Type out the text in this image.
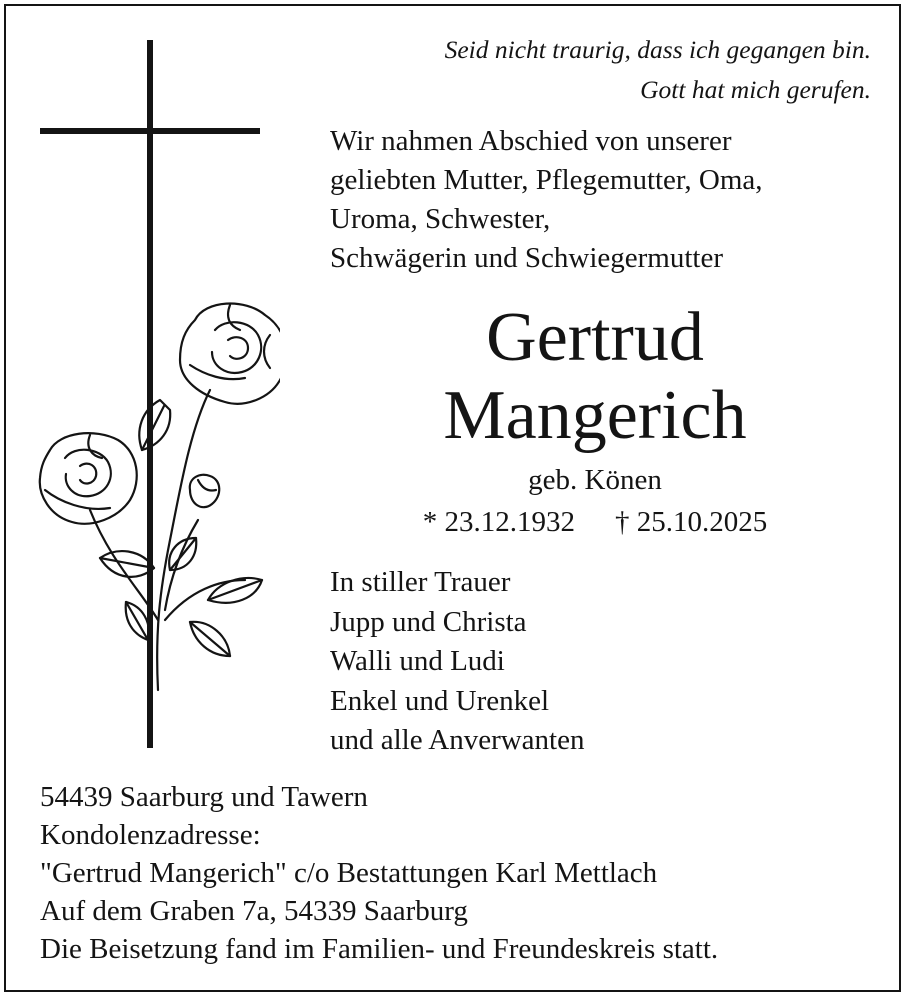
Seid nicht traurig, dass ich gegangen bin.
Gott hat mich gerufen.
Wir nahmen Abschied von unserer
geliebten Mutter, Pflegemutter, Oma,
Uroma, Schwester,
Schwägerin und Schwiegermutter
Gertrud
Mangerich
geb. Könen
* 23.12.1932 † 25.10.2025
In stiller Trauer
Jupp und Christa
Walli und Ludi
Enkel und Urenkel
und alle Anverwanten
54439 Saarburg und Tawern
Kondolenzadresse:
"Gertrud Mangerich" c/o Bestattungen Karl Mettlach
Auf dem Graben 7a, 54339 Saarburg
Die Beisetzung fand im Familien- und Freundeskreis statt.
